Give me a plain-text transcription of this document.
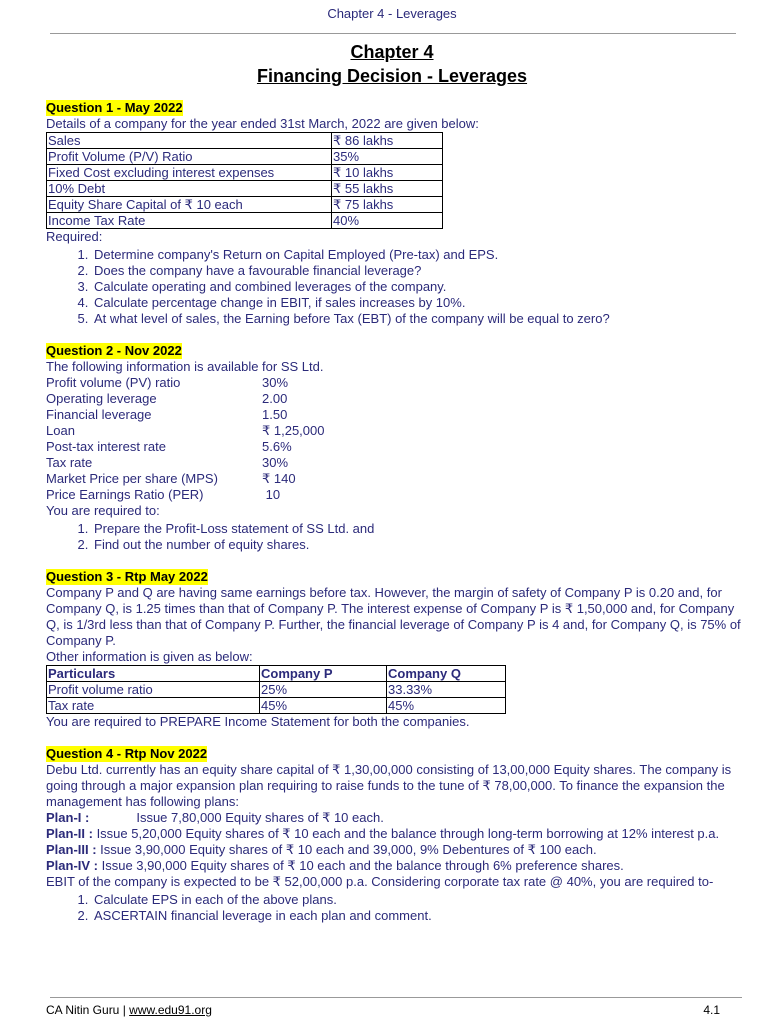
Chapter 4 - Leverages
Chapter 4
Financing Decision - Leverages
Question 1 - May 2022
Details of a company for the year ended 31st March, 2022 are given below:
Sales	₹ 86 lakhs
Profit Volume (P/V) Ratio	35%
Fixed Cost excluding interest expenses	₹ 10 lakhs
10% Debt	₹ 55 lakhs
Equity Share Capital of ₹ 10 each	₹ 75 lakhs
Income Tax Rate	40%
Required:
1. Determine company's Return on Capital Employed (Pre-tax) and EPS.
2. Does the company have a favourable financial leverage?
3. Calculate operating and combined leverages of the company.
4. Calculate percentage change in EBIT, if sales increases by 10%.
5. At what level of sales, the Earning before Tax (EBT) of the company will be equal to zero?
Question 2 - Nov 2022
The following information is available for SS Ltd.
Profit volume (PV) ratio	30%
Operating leverage	2.00
Financial leverage	1.50
Loan	₹ 1,25,000
Post-tax interest rate	5.6%
Tax rate	30%
Market Price per share (MPS)	₹ 140
Price Earnings Ratio (PER)	10
You are required to:
1. Prepare the Profit-Loss statement of SS Ltd. and
2. Find out the number of equity shares.
Question 3 - Rtp May 2022
Company P and Q are having same earnings before tax. However, the margin of safety of Company P is 0.20 and, for Company Q, is 1.25 times than that of Company P. The interest expense of Company P is ₹ 1,50,000 and, for Company Q, is 1/3rd less than that of Company P. Further, the financial leverage of Company P is 4 and, for Company Q, is 75% of Company P.
Other information is given as below:
Particulars	Company P	Company Q
Profit volume ratio	25%	33.33%
Tax rate	45%	45%
You are required to PREPARE Income Statement for both the companies.
Question 4 - Rtp Nov 2022
Debu Ltd. currently has an equity share capital of ₹ 1,30,00,000 consisting of 13,00,000 Equity shares. The company is going through a major expansion plan requiring to raise funds to the tune of ₹ 78,00,000. To finance the expansion the management has following plans:
Plan-I :	Issue 7,80,000 Equity shares of ₹ 10 each.
Plan-II : Issue 5,20,000 Equity shares of ₹ 10 each and the balance through long-term borrowing at 12% interest p.a.
Plan-III : Issue 3,90,000 Equity shares of ₹ 10 each and 39,000, 9% Debentures of ₹ 100 each.
Plan-IV : Issue 3,90,000 Equity shares of ₹ 10 each and the balance through 6% preference shares.
EBIT of the company is expected to be ₹ 52,00,000 p.a. Considering corporate tax rate @ 40%, you are required to-
1. Calculate EPS in each of the above plans.
2. ASCERTAIN financial leverage in each plan and comment.
CA Nitin Guru | www.edu91.org	4.1
